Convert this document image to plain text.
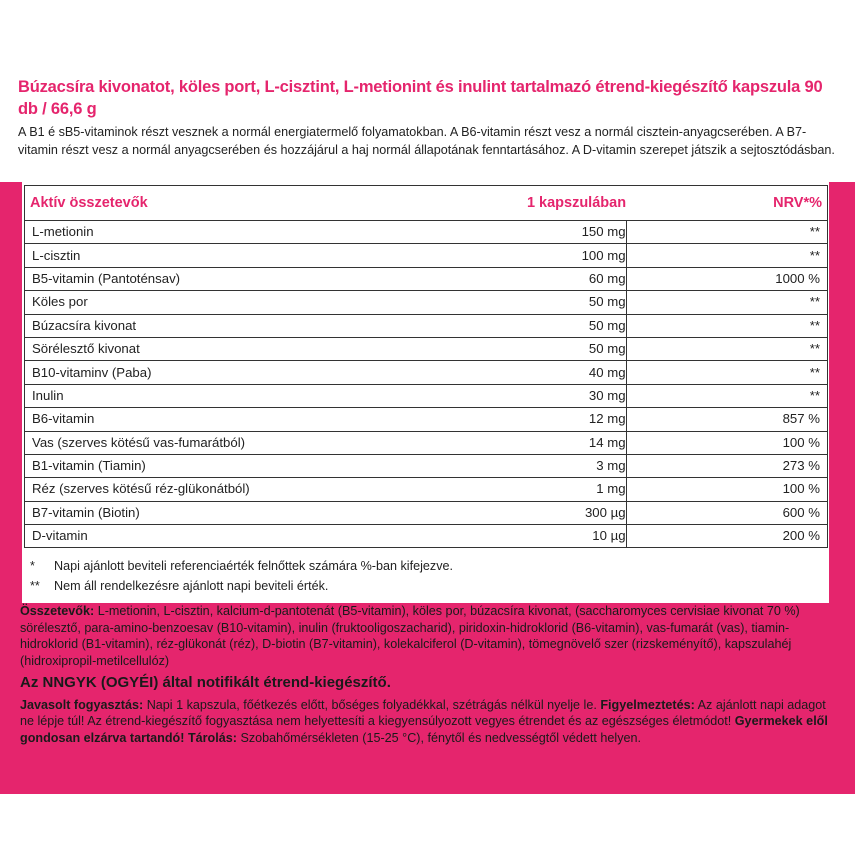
Búzacsíra kivonatot, köles port, L-cisztint, L-metionint és inulint tartalmazó étrend-kiegészítő kapszula 90 db / 66,6 g
A B1 é sB5-vitaminok részt vesznek a normál energiatermelő folyamatokban. A B6-vitamin részt vesz a normál cisztein-anyagcserében. A B7-vitamin részt vesz a normál anyagcserében és hozzájárul a haj normál állapotának fenntartásához. A D-vitamin szerepet játszik a sejtosztódásban.
Aktív összetevők	1 kapszulában	NRV*%
L-metionin	150 mg	**
L-cisztin	100 mg	**
B5-vitamin (Pantoténsav)	60 mg	1000 %
Köles por	50 mg	**
Búzacsíra kivonat	50 mg	**
Sörélesztő kivonat	50 mg	**
B10-vitaminv (Paba)	40 mg	**
Inulin	30 mg	**
B6-vitamin	12 mg	857 %
Vas (szerves kötésű vas-fumarátból)	14 mg	100 %
B1-vitamin (Tiamin)	3 mg	273 %
Réz (szerves kötésű réz-glükonátból)	1 mg	100 %
B7-vitamin (Biotin)	300 µg	600 %
D-vitamin	10 µg	200 %
*	Napi ajánlott beviteli referenciaérték felnőttek számára %-ban kifejezve.
**	Nem áll rendelkezésre ajánlott napi beviteli érték.

Összetevők: L-metionin, L-cisztin, kalcium-d-pantotenát (B5-vitamin), köles por, búzacsíra kivonat, (saccharomyces cervisiae kivonat 70 %) sörélesztő, para-amino-benzoesav (B10-vitamin), inulin (fruktooligoszacharid), piridoxin-hidroklorid (B6-vitamin), vas-fumarát (vas), tiamin-hidroklorid (B1-vitamin), réz-glükonát (réz), D-biotin (B7-vitamin), kolekalciferol (D-vitamin), tömegnövelő szer (rizskeményítő), kapszulahéj (hidroxipropil-metilcellulóz)

Az NNGYK (OGYÉI) által notifikált étrend-kiegészítő.

Javasolt fogyasztás: Napi 1 kapszula, főétkezés előtt, bőséges folyadékkal, szétrágás nélkül nyelje le. Figyelmeztetés: Az ajánlott napi adagot ne lépje túl! Az étrend-kiegészítő fogyasztása nem helyettesíti a kiegyensúlyozott vegyes étrendet és az egészséges életmódot! Gyermekek elől gondosan elzárva tartandó! Tárolás: Szobahőmérsékleten (15-25 °C), fénytől és nedvességtől védett helyen.
